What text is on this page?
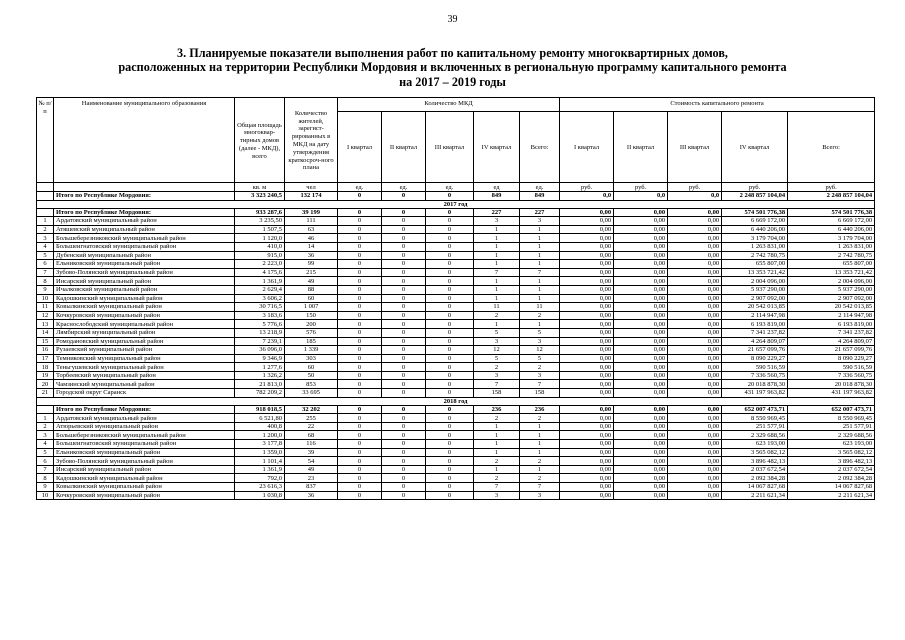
39
3. Планируемые показатели выполнения работ по капитальному ремонту многоквартирных домов,
расположенных на территории Республики Мордовия и включенных в региональную программу капитального ремонта
на 2017 – 2019 годы
№ п/п	Наименование муниципального образования	Общая площадь многоквар-тирных домов (далее - МКД), всего	Количество жителей, зарегист-рированных в МКД на дату утверждения краткосроч-ного плана	Количество МКД					Стоимость капитального ремонта				
				I квартал	II квартал	III квартал	IV квартал	Всего:	I квартал	II квартал	III квартал	IV квартал	Всего:
		кв. м	чел	ед.	ед.	ед.	ед	ед.	руб.	руб.	руб.	руб.	руб.
	Итого по Республике Мордовия:	3 323 240,5	132 174	0	0	0	849	849	0,0	0,0	0,0	2 248 857 104,04	2 248 857 104,04
2017 год													
	Итого по Республике Мордовия:	933 287,6	39 199	0	0	0	227	227	0,00	0,00	0,00	574 501 776,38	574 501 776,38
1	Ардатовский муниципальный район	3 235,50	111	0	0	0	3	3	0,00	0,00	0,00	6 669 172,00	6 669 172,00
2	Атяшевский муниципальный район	1 507,5	63	0	0	0	1	1	0,00	0,00	0,00	6 440 206,00	6 440 206,00
3	Большеберезниковский муниципальный район	1 120,0	46	0	0	0	1	1	0,00	0,00	0,00	3 179 704,00	3 179 704,00
4	Большеигнатовский муниципальный район	410,0	14	0	0	0	1	1	0,00	0,00	0,00	1 263 831,00	1 263 831,00
5	Дубенский муниципальный район	915,0	36	0	0	0	1	1	0,00	0,00	0,00	2 742 780,75	2 742 780,75
6	Ельниковский муниципальный район	2 223,0	99	0	0	0	1	1	0,00	0,00	0,00	655 807,00	655 807,00
7	Зубово-Полянский муниципальный район	4 175,6	215	0	0	0	7	7	0,00	0,00	0,00	13 353 721,42	13 353 721,42
8	Инсарский муниципальный район	1 361,9	49	0	0	0	1	1	0,00	0,00	0,00	2 004 096,00	2 004 096,00
9	Ичалковский муниципальный район	2 629,4	88	0	0	0	1	1	0,00	0,00	0,00	5 937 290,00	5 937 290,00
10	Кадошкинский муниципальный район	3 606,2	60	0	0	0	1	1	0,00	0,00	0,00	2 907 092,00	2 907 092,00
11	Ковылкинский муниципальный район	30 716,5	1 007	0	0	0	11	11	0,00	0,00	0,00	20 542 013,85	20 542 013,85
12	Кочкуровский муниципальный район	3 183,6	150	0	0	0	2	2	0,00	0,00	0,00	2 114 947,98	2 114 947,98
13	Краснослободский муниципальный район	5 776,6	200	0	0	0	1	1	0,00	0,00	0,00	6 193 819,00	6 193 819,00
14	Лямбирский муниципальный район	13 218,9	576	0	0	0	5	5	0,00	0,00	0,00	7 341 237,82	7 341 237,82
15	Ромодановский муниципальный район	7 239,1	185	0	0	0	3	3	0,00	0,00	0,00	4 264 809,07	4 264 809,07
16	Рузаевский муниципальный район	36 096,0	1 339	0	0	0	12	12	0,00	0,00	0,00	21 657 099,76	21 657 099,76
17	Темниковский муниципальный район	9 346,9	303	0	0	0	5	5	0,00	0,00	0,00	8 090 229,27	8 090 229,27
18	Теньгушевский муниципальный район	1 277,6	60	0	0	0	2	2	0,00	0,00	0,00	590 516,59	590 516,59
19	Торбеевский муниципальный район	1 326,2	50	0	0	0	3	3	0,00	0,00	0,00	7 336 560,75	7 336 560,75
20	Чамзинский муниципальный район	21 813,0	853	0	0	0	7	7	0,00	0,00	0,00	20 018 878,30	20 018 878,30
21	Городской округ Саранск	782 209,2	33 695	0	0	0	158	158	0,00	0,00	0,00	431 197 963,82	431 197 963,82
2018 год													
	Итого по Республике Мордовия:	918 018,5	32 202	0	0	0	236	236	0,00	0,00	0,00	652 007 473,71	652 007 473,71
1	Ардатовский муниципальный район	6 521,80	255	0	0	0	2	2	0,00	0,00	0,00	8 550 969,45	8 550 969,45
2	Атюрьевский муниципальный район	400,8	22	0	0	0	1	1	0,00	0,00	0,00	251 577,91	251 577,91
3	Большеберезниковский муниципальный район	1 200,0	68	0	0	0	1	1	0,00	0,00	0,00	2 329 688,56	2 329 688,56
4	Большеигнатовский муниципальный район	3 177,8	116	0	0	0	1	1	0,00	0,00	0,00	623 193,00	623 193,00
5	Ельниковский муниципальный район	1 359,0	39	0	0	0	1	1	0,00	0,00	0,00	3 565 082,12	3 565 082,12
6	Зубово-Полянский муниципальный район	1 101,4	54	0	0	0	2	2	0,00	0,00	0,00	3 896 482,13	3 896 482,13
7	Инсарский муниципальный район	1 361,9	49	0	0	0	1	1	0,00	0,00	0,00	2 037 672,54	2 037 672,54
8	Кадошкинский муниципальный район	792,0	23	0	0	0	2	2	0,00	0,00	0,00	2 092 384,28	2 092 384,28
9	Ковылкинский муниципальный район	23 616,3	837	0	0	0	7	7	0,00	0,00	0,00	14 067 827,68	14 067 827,68
10	Кочкуровский муниципальный район	1 030,8	36	0	0	0	3	3	0,00	0,00	0,00	2 211 621,34	2 211 621,34
